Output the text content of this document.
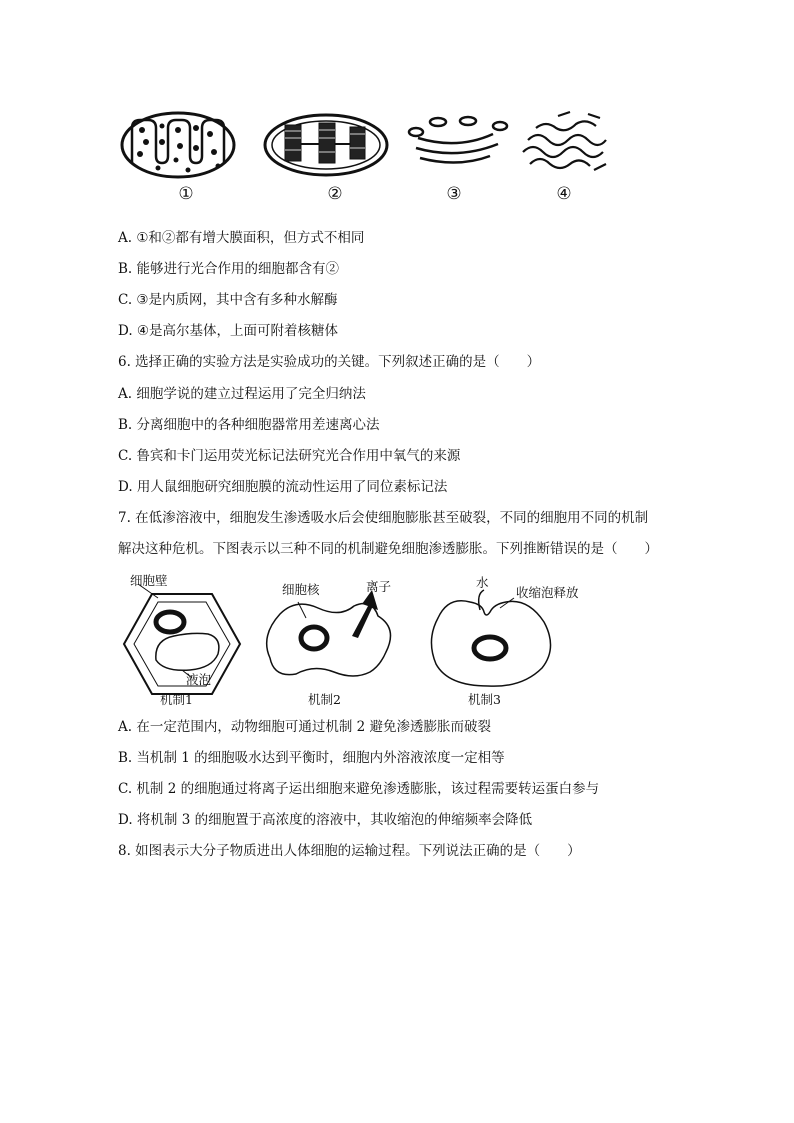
①	②	③	④
A. ①和②都有增大膜面积，但方式不相同
B. 能够进行光合作用的细胞都含有②
C. ③是内质网，其中含有多种水解酶
D. ④是高尔基体，上面可附着核糖体
6. 选择正确的实验方法是实验成功的关键。下列叙述正确的是（　　）
A. 细胞学说的建立过程运用了完全归纳法
B. 分离细胞中的各种细胞器常用差速离心法
C. 鲁宾和卡门运用荧光标记法研究光合作用中氧气的来源
D. 用人鼠细胞研究细胞膜的流动性运用了同位素标记法
7. 在低渗溶液中，细胞发生渗透吸水后会使细胞膨胀甚至破裂，不同的细胞用不同的机制
解决这种危机。下图表示以三种不同的机制避免细胞渗透膨胀。下列推断错误的是（　　）
细胞壁
液泡
细胞核	离子	水
收缩泡释放
机制1	机制2	机制3
A. 在一定范围内，动物细胞可通过机制 2 避免渗透膨胀而破裂
B. 当机制 1 的细胞吸水达到平衡时，细胞内外溶液浓度一定相等
C. 机制 2 的细胞通过将离子运出细胞来避免渗透膨胀，该过程需要转运蛋白参与
D. 将机制 3 的细胞置于高浓度的溶液中，其收缩泡的伸缩频率会降低
8. 如图表示大分子物质进出人体细胞的运输过程。下列说法正确的是（　　）
